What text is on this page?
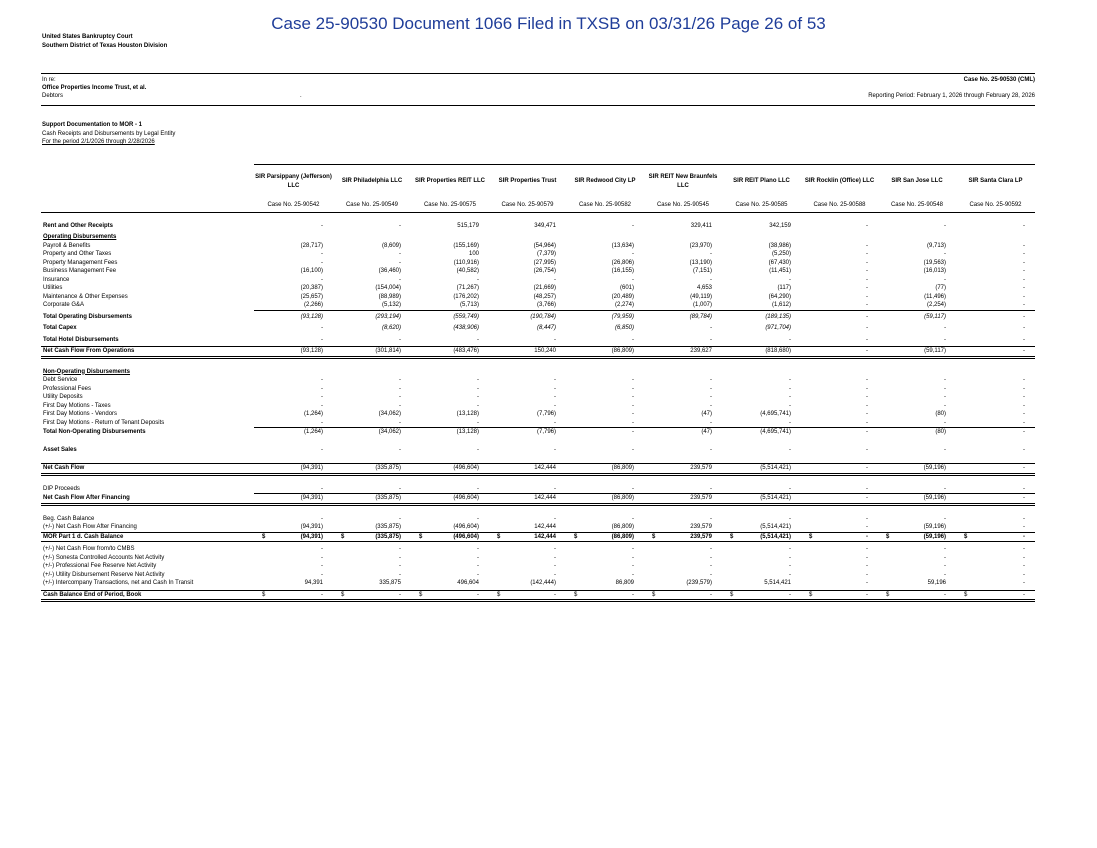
Case 25-90530 Document 1066 Filed in TXSB on 03/31/26 Page 26 of 53
United States Bankruptcy Court
Southern District of Texas Houston Division
In re:
Office Properties Income Trust, et al.
Debtors	.
Case No. 25-90530 (CML)
Reporting Period: February 1, 2026 through February 28, 2026
Support Documentation to MOR - 1
Cash Receipts and Disbursements by Legal Entity
For the period 2/1/2026 through 2/28/2026
	SIR Parsippany (Jefferson) LLC	SIR Philadelphia LLC	SIR Properties REIT LLC	SIR Properties Trust	SIR Redwood City LP	SIR REIT New Braunfels LLC	SIR REIT Plano LLC	SIR Rocklin (Office) LLC	SIR San Jose LLC	SIR Santa Clara LP
	Case No. 25-90542	Case No. 25-90549	Case No. 25-90575	Case No. 25-90579	Case No. 25-90582	Case No. 25-90545	Case No. 25-90585	Case No. 25-90588	Case No. 25-90548	Case No. 25-90592

Rent and Other Receipts	-	-	515,179	349,471	-	329,411	342,159	-	-	-

Operating Disbursements										
Payroll & Benefits	(28,717)	(8,609)	(155,169)	(54,964)	(13,634)	(23,970)	(38,986)	-	(9,713)	-
Property and Other Taxes	-	-	100	(7,379)	-	-	(5,250)	-	-	-
Property Management Fees	-	-	(110,916)	(27,995)	(26,806)	(13,190)	(67,430)	-	(19,563)	-
Business Management Fee	(16,100)	(36,460)	(40,582)	(26,754)	(16,155)	(7,151)	(11,451)	-	(16,013)	-
Insurance	-	-	-	-	-	-	-	-	-	-
Utilities	(20,387)	(154,004)	(71,267)	(21,669)	(601)	4,653	(117)	-	(77)	-
Maintenance & Other Expenses	(25,657)	(88,989)	(176,202)	(48,257)	(20,489)	(49,119)	(64,290)	-	(11,496)	-
Corporate G&A	(2,266)	(5,132)	(5,713)	(3,766)	(2,274)	(1,007)	(1,612)	-	(2,254)	-

Total Operating Disbursements	(93,128)	(293,194)	(559,749)	(190,784)	(79,959)	(89,784)	(189,135)	-	(59,117)	-

Total Capex	-	(8,620)	(438,906)	(8,447)	(6,850)	-	(971,704)	-	-	-

Total Hotel Disbursements	-	-	-	-	-	-	-	-	-	-

Net Cash Flow From Operations	(93,128)	(301,814)	(483,476)	150,240	(86,809)	239,627	(818,680)	-	(59,117)	-

Non-Operating Disbursements										
Debt Service	-	-	-	-	-	-	-	-	-	-
Professional Fees	-	-	-	-	-	-	-	-	-	-
Utility Deposits	-	-	-	-	-	-	-	-	-	-
First Day Motions - Taxes	-	-	-	-	-	-	-	-	-	-
First Day Motions - Vendors	(1,264)	(34,062)	(13,128)	(7,796)	-	(47)	(4,695,741)	-	(80)	-
First Day Motions - Return of Tenant Deposits	-	-	-	-	-	-	-	-	-	-
Total Non-Operating Disbursements	(1,264)	(34,062)	(13,128)	(7,796)	-	(47)	(4,695,741)	-	(80)	-

Asset Sales	-	-	-	-	-	-	-	-	-	-

Net Cash Flow	(94,391)	(335,875)	(496,604)	142,444	(86,809)	239,579	(5,514,421)	-	(59,196)	-

DIP Proceeds	-	-	-	-	-	-	-	-	-	-
Net Cash Flow After Financing	(94,391)	(335,875)	(496,604)	142,444	(86,809)	239,579	(5,514,421)	-	(59,196)	-

Beg. Cash Balance	-	-	-	-	-	-	-	-	-	-
(+/-) Net Cash Flow After Financing	(94,391)	(335,875)	(496,604)	142,444	(86,809)	239,579	(5,514,421)	-	(59,196)	-
MOR Part 1 d. Cash Balance	$ (94,391)	$ (335,875)	$ (496,604)	$ 142,444	$ (86,809)	$ 239,579	$ (5,514,421)	$ -	$ (59,196)	$ -

(+/-) Net Cash Flow from/to CMBS	-	-	-	-	-	-	-	-	-	-
(+/-) Sonesta Controlled Accounts Net Activity	-	-	-	-	-	-	-	-	-	-
(+/-) Professional Fee Reserve Net Activity	-	-	-	-	-	-	-	-	-	-
(+/-) Utility Disbursement Reserve Net Activity	-	-	-	-	-	-	-	-	-	-
(+/-) Intercompany Transactions, net and Cash In Transit	94,391	335,875	496,604	(142,444)	86,809	(239,579)	5,514,421	-	59,196	-

Cash Balance End of Period, Book	$ -	$ -	$ -	$ -	$ -	$ -	$ -	$ -	$ -	$ -
